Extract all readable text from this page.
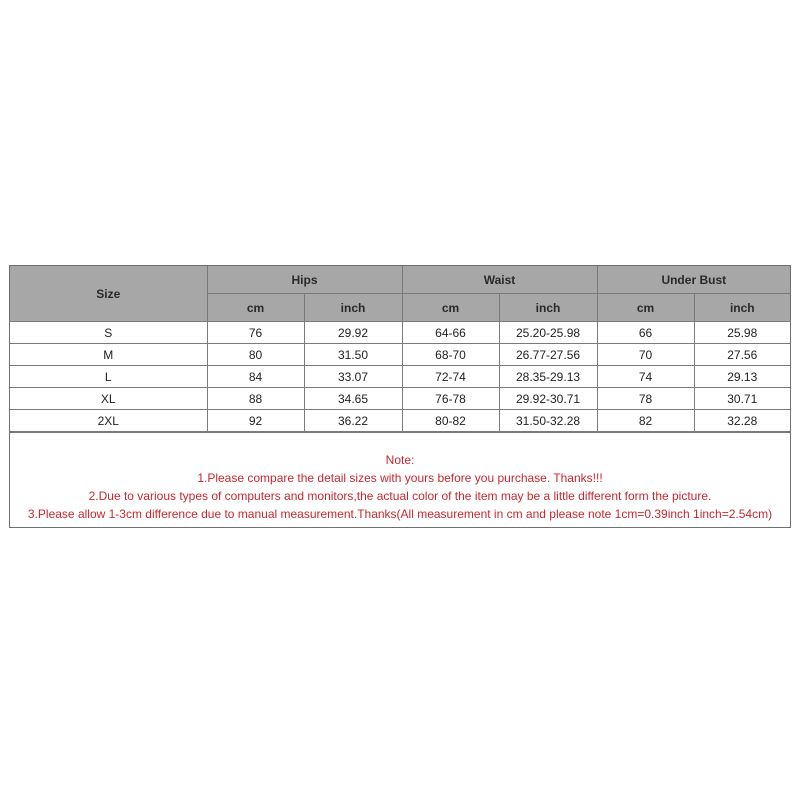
Size	Hips		Waist		Under Bust	
	cm	inch	cm	inch	cm	inch
S	76	29.92	64-66	25.20-25.98	66	25.98
M	80	31.50	68-70	26.77-27.56	70	27.56
L	84	33.07	72-74	28.35-29.13	74	29.13
XL	88	34.65	76-78	29.92-30.71	78	30.71
2XL	92	36.22	80-82	31.50-32.28	82	32.28
Note:
1.Please compare the detail sizes with yours before you purchase. Thanks!!!
2.Due to various types of computers and monitors,the actual color of the item may be a little different form the picture.
3.Please allow 1-3cm difference due to manual measurement.Thanks(All measurement in cm and please note 1cm=0.39inch 1inch=2.54cm)
